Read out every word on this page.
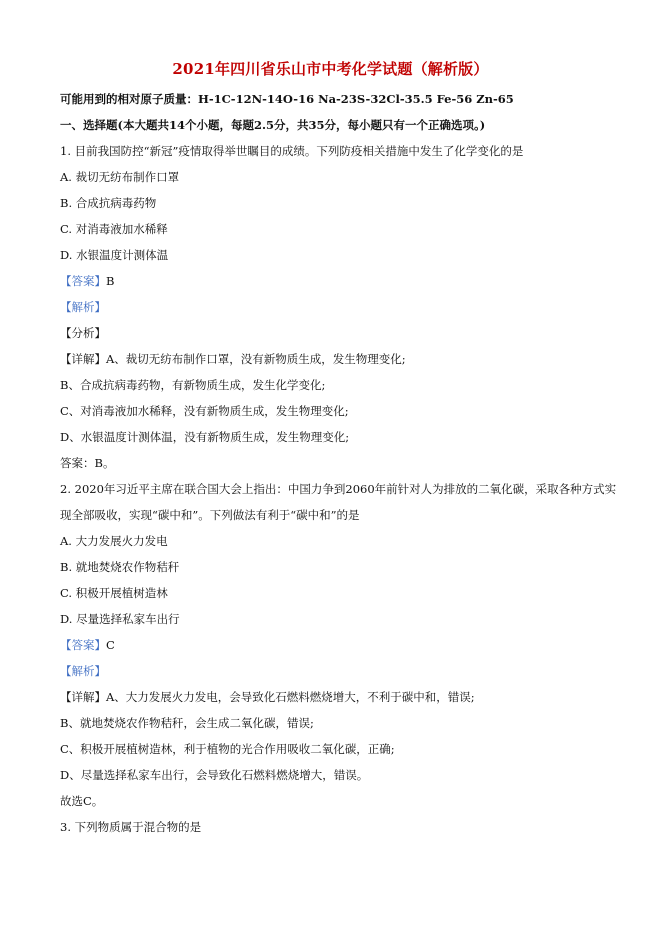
2021年四川省乐山市中考化学试题（解析版）
可能用到的相对原子质量：H-1C-12N-14O-16 Na-23S-32Cl-35.5 Fe-56 Zn-65
一、选择题(本大题共14个小题，每题2.5分，共35分，每小题只有一个正确选项。)
1. 目前我国防控“新冠”疫情取得举世瞩目的成绩。下列防疫相关措施中发生了化学变化的是
A. 裁切无纺布制作口罩
B. 合成抗病毒药物
C. 对消毒液加水稀释
D. 水银温度计测体温
【答案】B
【解析】
【分析】
【详解】A、裁切无纺布制作口罩，没有新物质生成，发生物理变化;
B、合成抗病毒药物，有新物质生成，发生化学变化;
C、对消毒液加水稀释，没有新物质生成，发生物理变化;
D、水银温度计测体温，没有新物质生成，发生物理变化;
答案：B。
2. 2020年习近平主席在联合国大会上指出：中国力争到2060年前针对人为排放的二氧化碳，采取各种方式实
现全部吸收，实现“碳中和”。下列做法有利于“碳中和”的是
A. 大力发展火力发电
B. 就地焚烧农作物秸秆
C. 积极开展植树造林
D. 尽量选择私家车出行
【答案】C
【解析】
【详解】A、大力发展火力发电，会导致化石燃料燃烧增大，不利于碳中和，错误;
B、就地焚烧农作物秸秆，会生成二氧化碳，错误;
C、积极开展植树造林，利于植物的光合作用吸收二氧化碳，正确;
D、尽量选择私家车出行，会导致化石燃料燃烧增大，错误。
故选C。
3. 下列物质属于混合物的是
